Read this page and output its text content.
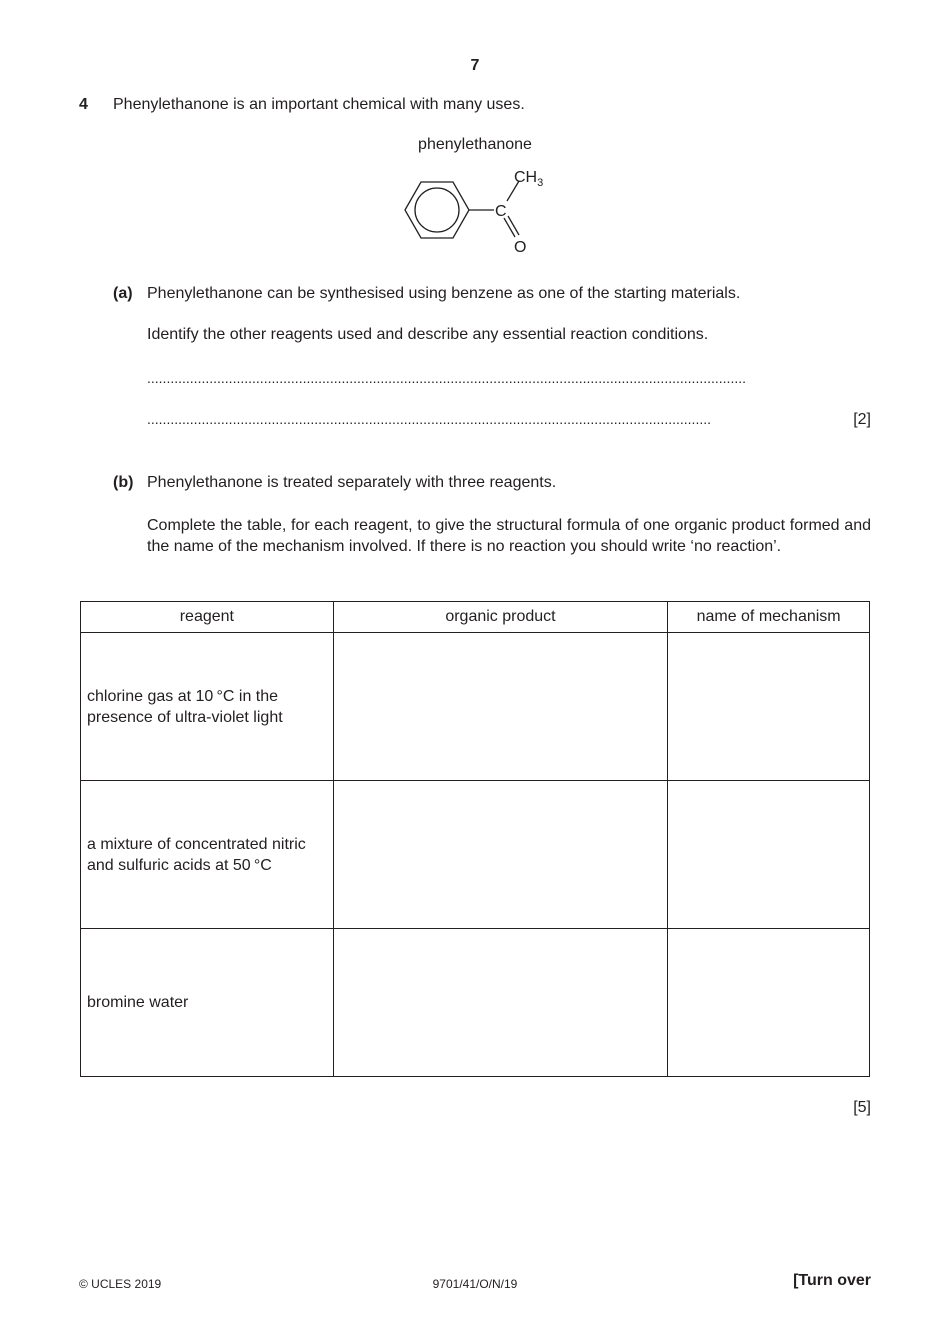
7
4 Phenylethanone is an important chemical with many uses.
phenylethanone
$CH_3$
C
O
(a) Phenylethanone can be synthesised using benzene as one of the starting materials.
Identify the other reagents used and describe any essential reaction conditions.
..........................................................................................................................................................
.................................................................................................................................................	[2]
(b) Phenylethanone is treated separately with three reagents.
Complete the table, for each reagent, to give the structural formula of one organic product formed and the name of the mechanism involved. If there is no reaction you should write ‘no reaction’.
reagent	organic product	name of mechanism

chlorine gas at 10 °C in the
presence of ultra-violet light		

a mixture of concentrated nitric
and sulfuric acids at 50 °C		

bromine water		

[5]
© UCLES 2019	9701/41/O/N/19	[Turn over
